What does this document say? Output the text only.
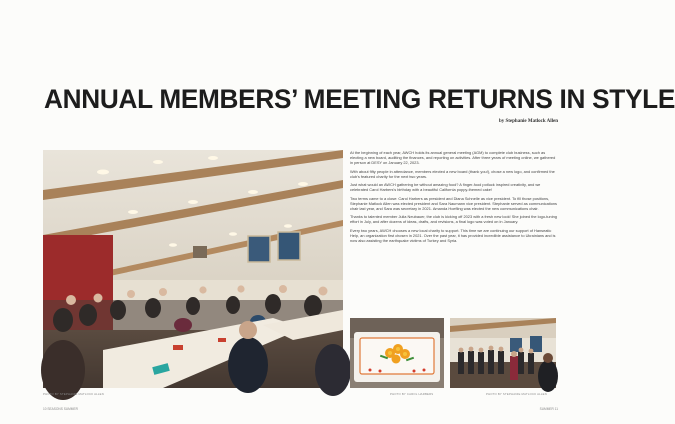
ANNUAL MEMBERS’ MEETING RETURNS IN STYLE

by Stephanie Matlock Allen

At the beginning of each year, AWCH holds its annual general meeting (AGM) to complete club business, such as electing a new board, auditing the finances, and reporting on activities. After three years of meeting online, we gathered in person at DESY on January 22, 2023.

With about fifty people in attendance, members elected a new board (thank you!), chose a new logo, and confirmed the club's featured charity for the next two years.

Just what would an AWCH gathering be without amazing food? A finger-food potluck inspired creativity, and we celebrated Carol Harbers's birthday with a beautiful California poppy-themed cake!

Two terms came to a close: Carol Harbers as president and Diana Schnelle as vice president. To fill those positions, Stephanie Matlock Allen was elected president and Sara Naumann vice president. Stephanie served as communications chair last year, and Sara was secretary in 2021. Amanda Hoefling was elected the new communications chair.

Thanks to talented member Julia Neubauer, the club is kicking off 2023 with a fresh new look! She joined the logo-tuning effort in July, and after dozens of ideas, drafts, and revisions, a final logo was voted on in January.

Every two years, AWCH chooses a new local charity to support. This time we are continuing our support of Hanseatic Help, an organization first chosen in 2021. Over the past year, it has provided incredible assistance to Ukrainians and is now also assisting the earthquake victims of Turkey and Syria.

PHOTO BY STEPHANIE MATLOCK ALLEN	PHOTO BY CAROL HARBERS	PHOTO BY STEPHANIE MATLOCK ALLEN
10 SEASONS SUMMER	SUMMER 11
